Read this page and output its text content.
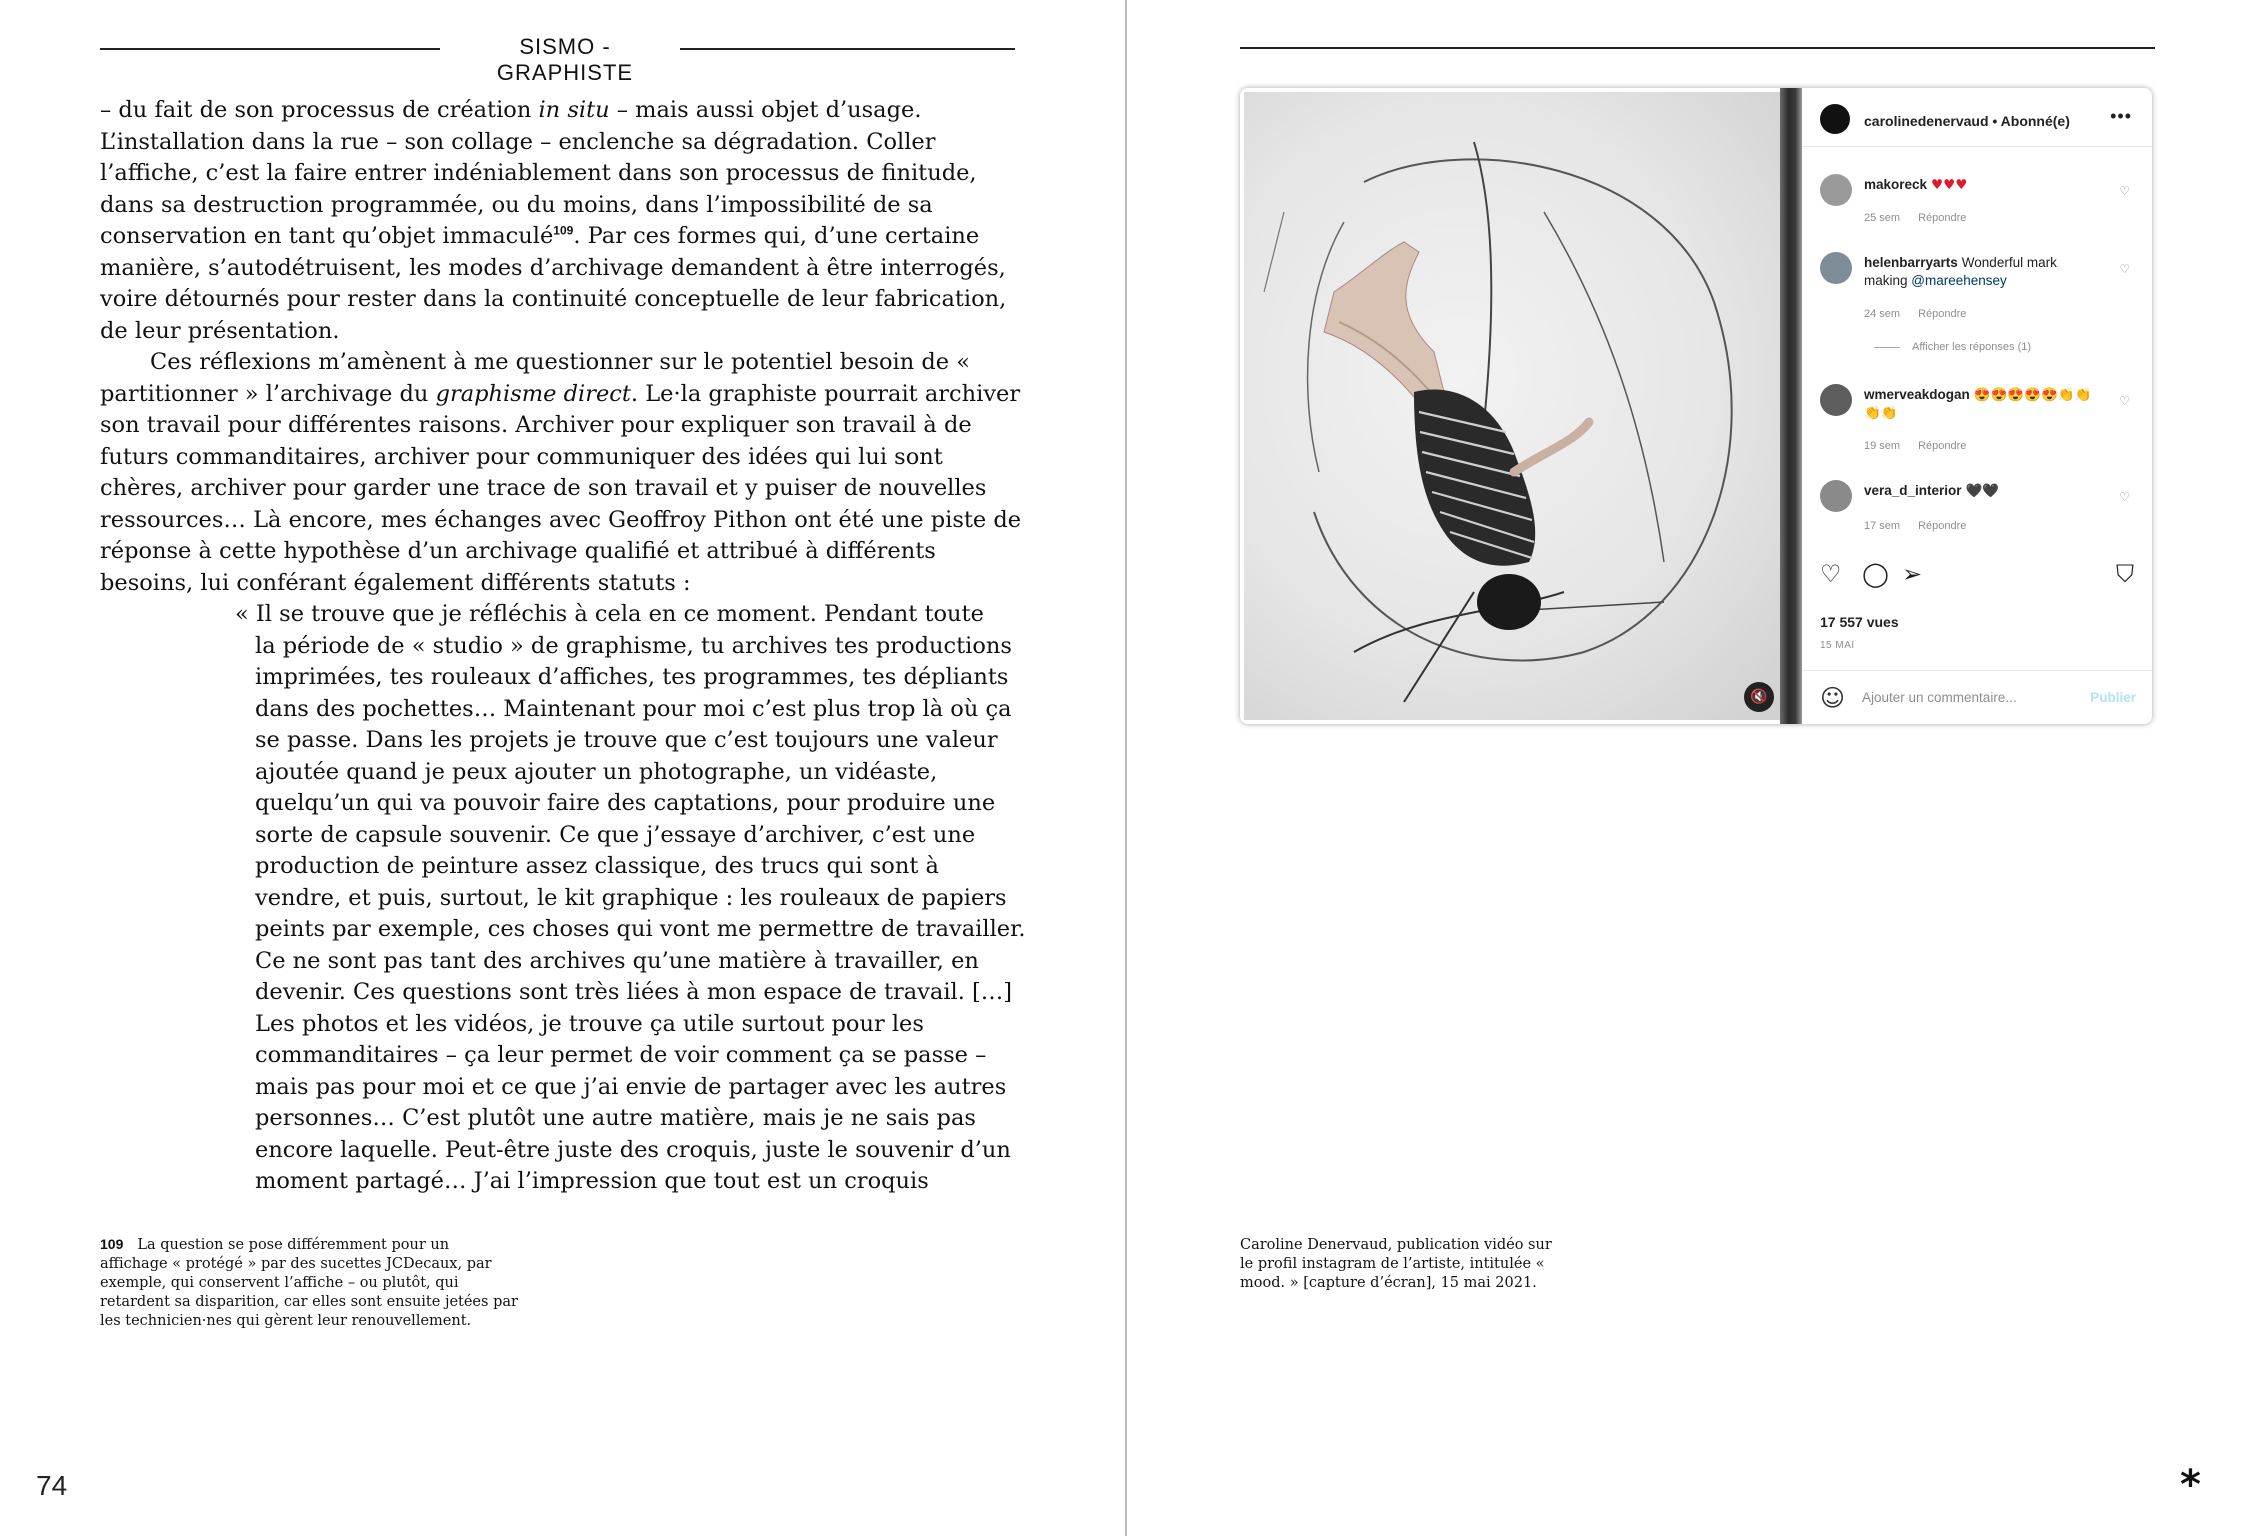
SISMO - GRAPHISTE

– du fait de son processus de création in situ – mais aussi objet d’usage. L’installation dans la rue – son collage – enclenche sa dégradation. Coller l’affiche, c’est la faire entrer indéniablement dans son processus de finitude, dans sa destruction programmée, ou du moins, dans l’impossibilité de sa conservation en tant qu’objet immaculé$^{109}$. Par ces formes qui, d’une certaine manière, s’autodétruisent, les modes d’archivage demandent à être interrogés, voire détournés pour rester dans la continuité conceptuelle de leur fabrication, de leur présentation.

Ces réflexions m’amènent à me questionner sur le potentiel besoin de « partitionner » l’archivage du graphisme direct. Le·la graphiste pourrait archiver son travail pour différentes raisons. Archiver pour expliquer son travail à de futurs commanditaires, archiver pour communiquer des idées qui lui sont chères, archiver pour garder une trace de son travail et y puiser de nouvelles ressources… Là encore, mes échanges avec Geoffroy Pithon ont été une piste de réponse à cette hypothèse d’un archivage qualifié et attribué à différents besoins, lui conférant également différents statuts :

« Il se trouve que je réfléchis à cela en ce moment. Pendant toute
la période de « studio » de graphisme, tu archives tes productions imprimées, tes rouleaux d’affiches, tes programmes, tes dépliants dans des pochettes… Maintenant pour moi c’est plus trop là où ça se passe. Dans les projets je trouve que c’est toujours une valeur ajoutée quand je peux ajouter un photographe, un vidéaste, quelqu’un qui va pouvoir faire des captations, pour produire une sorte de capsule souvenir. Ce que j’essaye d’archiver, c’est une production de peinture assez classique, des trucs qui sont à vendre, et puis, surtout, le kit graphique : les rouleaux de papiers peints par exemple, ces choses qui vont me permettre de travailler. Ce ne sont pas tant des archives qu’une matière à travailler, en devenir. Ces questions sont très liées à mon espace de travail. […] Les photos et les vidéos, je trouve ça utile surtout pour les commanditaires – ça leur permet de voir comment ça se passe – mais pas pour moi et ce que j’ai envie de partager avec les autres personnes… C’est plutôt une autre matière, mais je ne sais pas encore laquelle. Peut-être juste des croquis, juste le souvenir d’un moment partagé… J’ai l’impression que tout est un croquis

109 La question se pose différemment pour un affichage « protégé » par des sucettes JCDecaux, par exemple, qui conservent l’affiche – ou plutôt, qui retardent sa disparition, car elles sont ensuite jetées par les technicien·nes qui gèrent leur renouvellement.
74
🔇
carolinedenervaud • Abonné(e) •••
makoreck ♥♥♥
25 sem Répondre
♡
helenbarryarts Wonderful mark making @mareehensey
24 sem Répondre
♡
Afficher les réponses (1)
wmerveakdogan 😍😍😍😍😍👏👏👏👏
19 sem Répondre
♡
vera_d_interior 🖤🖤
17 sem Répondre
♡
♡ ◯ ➢	⛉
17 557 vues
15 MAI
☺ Ajouter un commentaire...	Publier
Caroline Denervaud, publication vidéo sur le profil instagram de l’artiste, intitulée « mood. » [capture d’écran], 15 mai 2021.
*
